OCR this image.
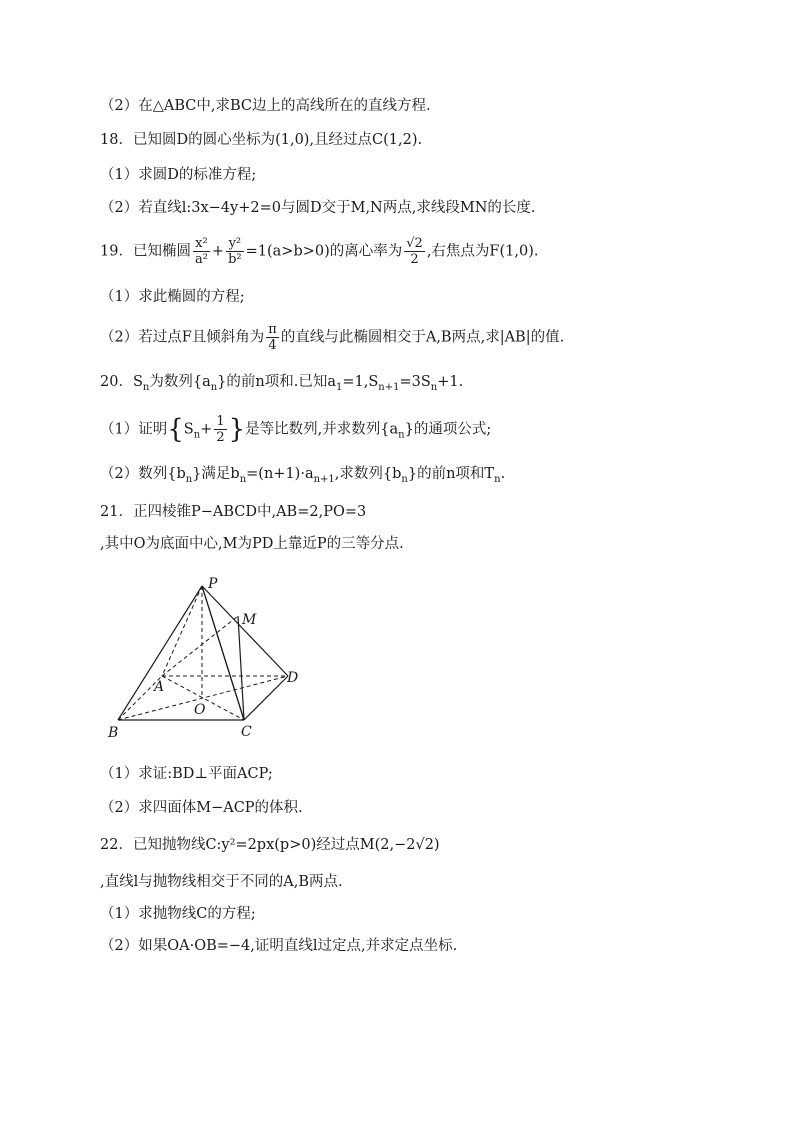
（2）在△ABC中,求BC边上的高线所在的直线方程.
18．已知圆D的圆心坐标为(1,0),且经过点C(1,2).
（1）求圆D的标准方程;
（2）若直线l:3x−4y+2=0与圆D交于M,N两点,求线段MN的长度.
19．已知椭圆 $\frac{\text{x²}}{\text{a²}} + \frac{\text{y²}}{\text{b²}} =1(a>b>0)$的离心率为 $\frac{√2}{2}$ ,右焦点为F(1,0).
（1）求此椭圆的方程;
（2）若过点F且倾斜角为 $\frac{\pi}{4}$ 的直线与此椭圆相交于A,B两点,求|AB|的值.
20．$S_n$为数列$\{a_n\}$的前n项和.已知$a_1=1,S_{n+1}=3S_n+1$.
（1）证明{$S_n+ \frac{1}{2}$ }是等比数列,并求数列$\{a_n\}$的通项公式;
（2）数列$\{b_n\}$满足$b_n=(n+1)\cdot a_{n+1}$,求数列$\{b_n\}$的前n项和$T_n$.
21．正四棱锥P−ABCD中,AB=2,PO=3
,其中O为底面中心,M为PD上靠近P的三等分点.
P
M
A
D
O
B	C
（1）求证:BD⊥平面ACP;
（2）求四面体M−ACP的体积.
22．已知抛物线C:y²=2px(p>0)经过点M(2,−2√2)
,直线l与抛物线相交于不同的A,B两点.
（1）求抛物线C的方程;
（2）如果OA·OB=−4,证明直线l过定点,并求定点坐标.
